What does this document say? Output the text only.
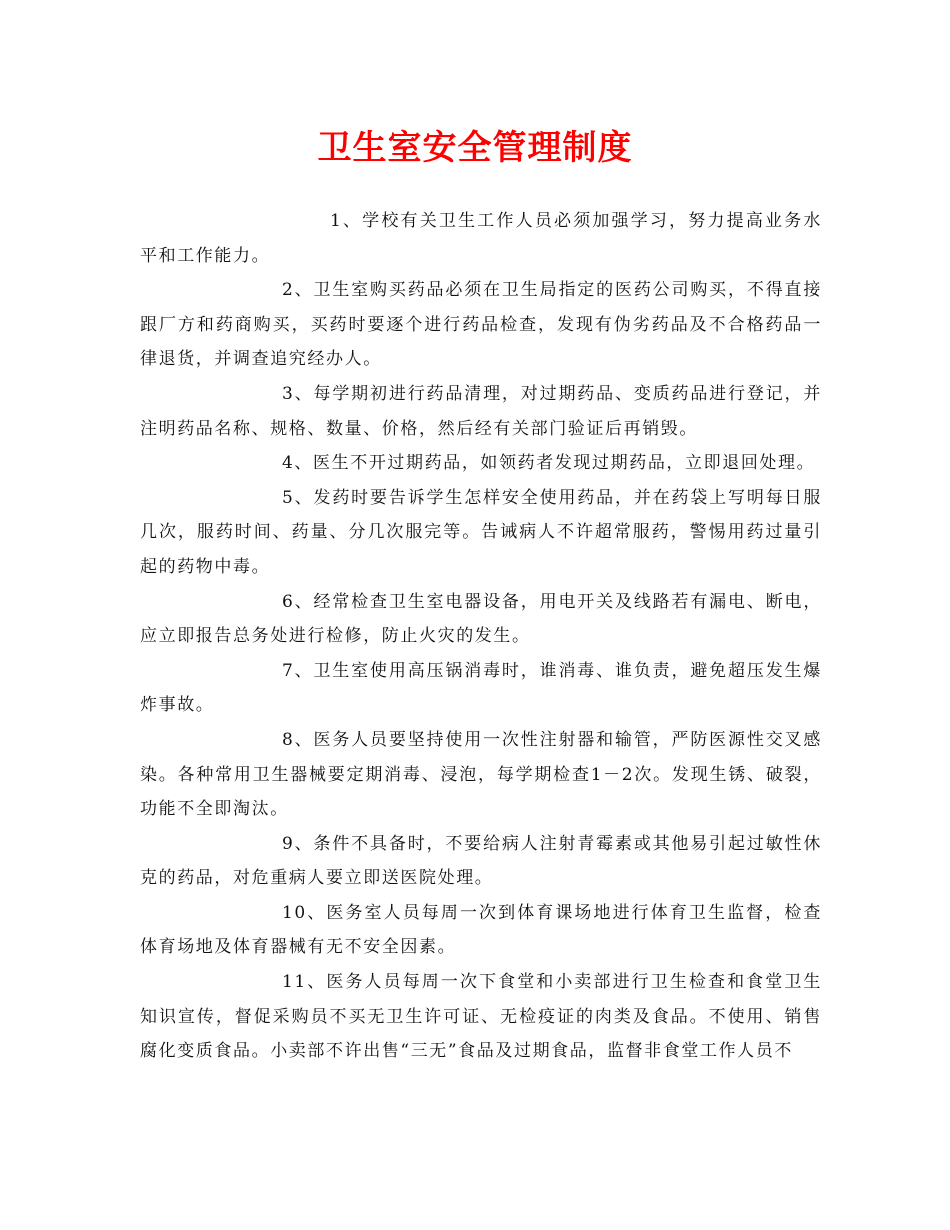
卫生室安全管理制度

1、学校有关卫生工作人员必须加强学习，努力提高业务水平和工作能力。

2、卫生室购买药品必须在卫生局指定的医药公司购买，不得直接跟厂方和药商购买，买药时要逐个进行药品检查，发现有伪劣药品及不合格药品一律退货，并调查追究经办人。

3、每学期初进行药品清理，对过期药品、变质药品进行登记，并注明药品名称、规格、数量、价格，然后经有关部门验证后再销毁。

4、医生不开过期药品，如领药者发现过期药品，立即退回处理。

5、发药时要告诉学生怎样安全使用药品，并在药袋上写明每日服几次，服药时间、药量、分几次服完等。告诫病人不许超常服药，警惕用药过量引起的药物中毒。

6、经常检查卫生室电器设备，用电开关及线路若有漏电、断电，应立即报告总务处进行检修，防止火灾的发生。

7、卫生室使用高压锅消毒时，谁消毒、谁负责，避免超压发生爆炸事故。

8、医务人员要坚持使用一次性注射器和输管，严防医源性交叉感染。各种常用卫生器械要定期消毒、浸泡，每学期检查1－2次。发现生锈、破裂，功能不全即淘汰。

9、条件不具备时，不要给病人注射青霉素或其他易引起过敏性休克的药品，对危重病人要立即送医院处理。

10、医务室人员每周一次到体育课场地进行体育卫生监督，检查体育场地及体育器械有无不安全因素。

11、医务人员每周一次下食堂和小卖部进行卫生检查和食堂卫生知识宣传，督促采购员不买无卫生许可证、无检疫证的肉类及食品。不使用、销售腐化变质食品。小卖部不许出售“三无”食品及过期食品，监督非食堂工作人员不
